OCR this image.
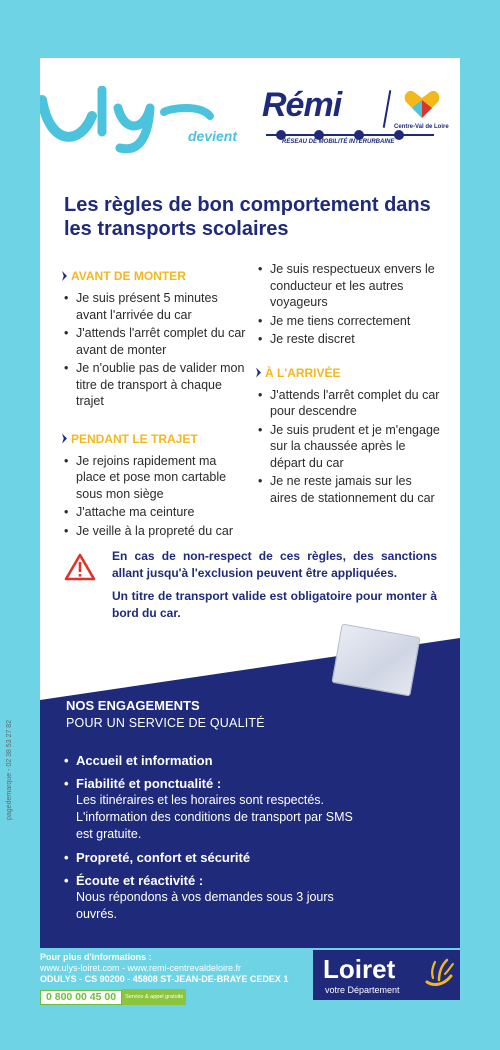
pagedemarque - 02 38 53 27 82
devient
Rémi
Centre-Val de Loire
RÉSEAU DE MOBILITÉ INTERURBAINE
Les règles de bon comportement dans les transports scolaires
AVANT DE MONTER
• Je suis présent 5 minutes avant l'arrivée du car
• J'attends l'arrêt complet du car avant de monter
• Je n'oublie pas de valider mon titre de transport à chaque trajet
PENDANT LE TRAJET
• Je rejoins rapidement ma place et pose mon cartable sous mon siège
• J'attache ma ceinture
• Je veille à la propreté du car
• Je suis respectueux envers le conducteur et les autres voyageurs
• Je me tiens correctement
• Je reste discret
À L'ARRIVÉE
• J'attends l'arrêt complet du car pour descendre
• Je suis prudent et je m'engage sur la chaussée après le départ du car
• Je ne reste jamais sur les aires de stationnement du car

En cas de non-respect de ces règles, des sanctions allant jusqu'à l'exclusion peuvent être appliquées.

Un titre de transport valide est obligatoire pour monter à bord du car.

NOS ENGAGEMENTS
POUR UN SERVICE DE QUALITÉ
• Accueil et information
• Fiabilité et ponctualité :
Les itinéraires et les horaires sont respectés. L'information des conditions de transport par SMS est gratuite.
• Propreté, confort et sécurité
• Écoute et réactivité :
Nous répondons à vos demandes sous 3 jours ouvrés.
Pour plus d'informations :
www.ulys-loiret.com - www.remi-centrevaldeloire.fr
ODULYS - CS 90200 - 45808 ST-JEAN-DE-BRAYE CEDEX 1
0 800 00 45 00	Service & appel gratuits
Loiret
votre Département
